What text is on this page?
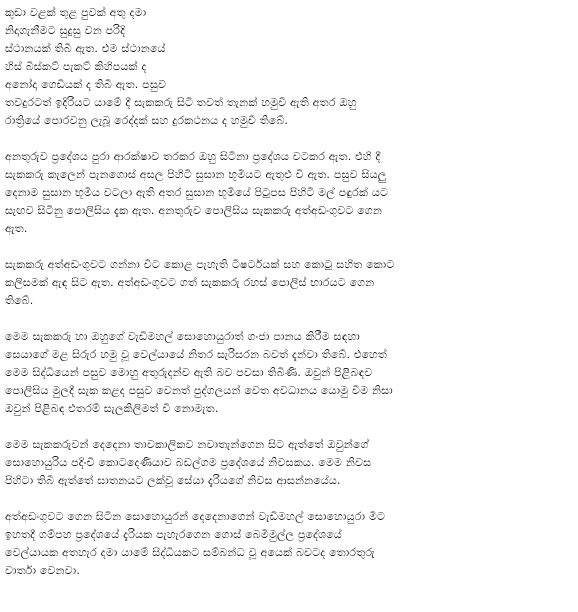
කුඩා වළක් තුළ පුවක් අතු දමා
නිදාගැනීමට සුදුසු වන පරිදි
ස්ථානයක් තිබී ඇත. එම ස්ථානයේ
හිස් බිස්කට් පැකට් කිහිපයක් ද
අනෝදා ගෙඩියක් ද තිබී ඇත. පසුව
තවදුරටත් ඉදිරියට යාමේ දී සැකකරු සිටි තවත් තැනක් හමුවී ඇති අතර ඔහු
රාත්‍රියේ පොරවනු ලැබූ රෙද්දක් සහ දුරකථනය ද හමුවී තිබේ.
අනතුරුව ප්‍රදේශය පුරා ආරක්ෂාව තරකර ඔහු සිටිනා ප්‍රදේශය වටකර ඇත. එහි දී
සැකකරු කැලෙන් පැනගොස් අසල පිහිටි සුසාන භූමියට ඇතුළු වී ඇත. පසුව සියලු
දෙනාම සුසාන භූමිය වටලා ඇති අතර සුසාන භූමියේ පිටුපස පිහිටි මල් පඳුරක් යට
සැඟව සිටිනු පොලිසිය දැක ඇත. අනතුරුව පොලිසිය සැකකරු අත්අඩංගුවට ගෙන
ඇත.
සැකකරු අත්අඩංගුවට ගන්නා විට කොළ පැහැති ටීෂර්ටයක් සහ කොටු සහිත කොට
කලිසමක් ඇඳ සිට ඇත. අත්අඩංගුවට ගත් සැකකරු රහස් පොලිස් භාරයට ගෙන
තිබේ.
මෙම සැකකරු හා ඔහුගේ වැඩිමහල් සොහොයුරාත් ගංජා පානය කිරීම සඳහා
සෙයාගේ මළ සිරුර හමු වූ වෙල්යායේ නිතර සැරිසරන බවත් දැන්වා තිබේ. එහෙත්
මෙම සිද්ධියෙන් පසුව මොහු අතුරුදන්ව ඇති බව පවසා තිබිණි. ඔවුන් පිළිබඳව
පොලිසිය මුලදී සැක කළද පසුව වෙනත් පුද්ගලයන් වෙත අවධානය යොමු වීම නිසා
ඔවුන් පිළිබඳ එතරම් සැලකිලිමත් වී නොමැත.
මෙම සැකකරුවන් දෙදෙනා තාවකාලිකව නවාතැන්ගෙන සිට ඇත්තේ ඔවුන්ගේ
සොහොයුරිය පදිංචි කොටදෙණියාව බඩල්ගම ප්‍රදේශයේ නිවසකය. මෙම නිවස
පිහිටා තිබී ඇත්තේ ඝාතනයට ලක්වූ සේයා දැරියගේ නිවස ආසන්නයේය.
අත්අඩංගුවට ගෙන සිටින සොහොයුරන් දෙදෙනාගෙන් වැඩිමහල් සොහොයුරා මීට
ඉහතදී ගම්පහ ප්‍රදේශයේ දැරියක පැහැරගෙන ගොස් බෙමිමුල්ල ප්‍රදේශයේ
වෙල්යායක අතහැර දමා යාමේ සිද්ධියකට සම්බන්ධ වූ අයෙක් බවටද තොරතුරු
වාර්තා වෙනවා.
